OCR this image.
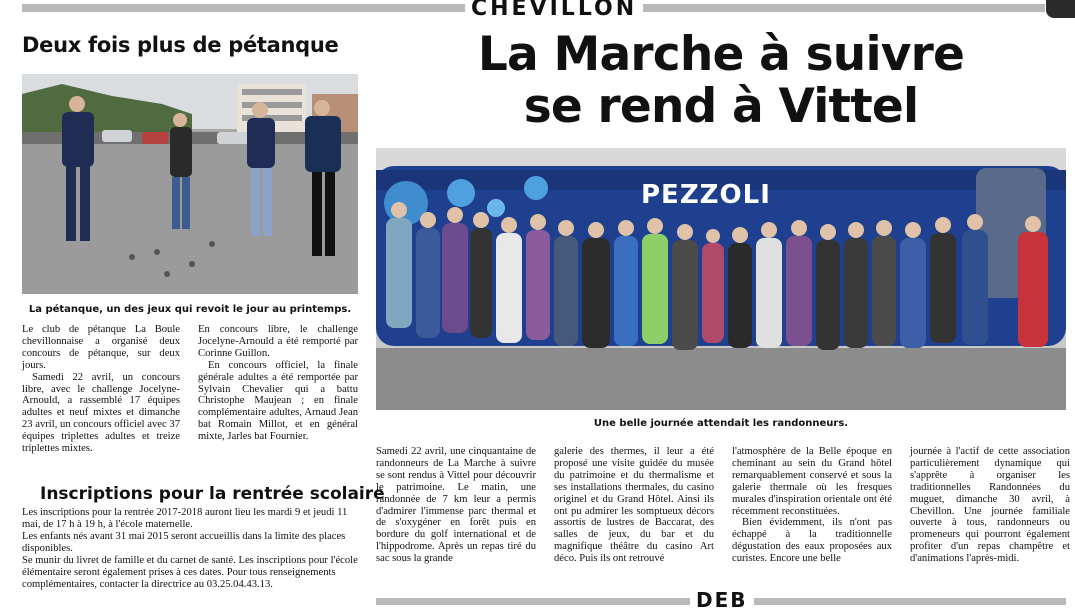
CHEVILLON
Deux fois plus de pétanque
La pétanque, un des jeux qui revoit le jour au printemps.

Le club de pétanque La Boule chevillonnaise a organisé deux concours de pétanque, sur deux jours.

Samedi 22 avril, un concours libre, avec le challenge Jocelyne-Arnould, a rassemblé 17 équipes adultes et neuf mixtes et dimanche 23 avril, un concours officiel avec 37 équipes triplettes adultes et treize triplettes mixtes.

En concours libre, le challenge Jocelyne-Arnould a été remporté par Corinne Guillon.

En concours officiel, la finale générale adultes a été remportée par Sylvain Chevalier qui a battu Christophe Maujean ; en finale complémentaire adultes, Arnaud Jean bat Romain Millot, et en général mixte, Jarles bat Fournier.

Inscriptions pour la rentrée scolaire

Les inscriptions pour la rentrée 2017-2018 auront lieu les mardi 9 et jeudi 11 mai, de 17 h à 19 h, à l'école maternelle.

Les enfants nés avant 31 mai 2015 seront accueillis dans la limite des places disponibles.

Se munir du livret de famille et du carnet de santé. Les inscriptions pour l'école élémentaire seront également prises à ces dates. Pour tous renseignements complémentaires, contacter la directrice au 03.25.04.43.13.

La Marche à suivre
se rend à Vittel
PEZZOLI
Une belle journée attendait les randonneurs.

Samedi 22 avril, une cinquantaine de randonneurs de La Marche à suivre se sont rendus à Vittel pour découvrir le patrimoine. Le matin, une randonnée de 7 km leur a permis d'admirer l'immense parc thermal et de s'oxygéner en forêt puis en bordure du golf international et de l'hippodrome. Après un repas tiré du sac sous la grande

galerie des thermes, il leur a été proposé une visite guidée du musée du patrimoine et du thermalisme et ses installations thermales, du casino originel et du Grand Hôtel. Ainsi ils ont pu admirer les somptueux décors assortis de lustres de Baccarat, des salles de jeux, du bar et du magnifique théâtre du casino Art déco. Puis ils ont retrouvé

l'atmosphère de la Belle époque en cheminant au sein du Grand hôtel remarquablement conservé et sous la galerie thermale où les fresques murales d'inspiration orientale ont été récemment reconstituées.

Bien évidemment, ils n'ont pas échappé à la traditionnelle dégustation des eaux proposées aux curistes. Encore une belle

journée à l'actif de cette association particulièrement dynamique qui s'apprête à organiser les traditionnelles Randonnées du muguet, dimanche 30 avril, à Chevillon. Une journée familiale ouverte à tous, randonneurs ou promeneurs qui pourront également profiter d'un repas champêtre et d'animations l'après-midi.

DEB
